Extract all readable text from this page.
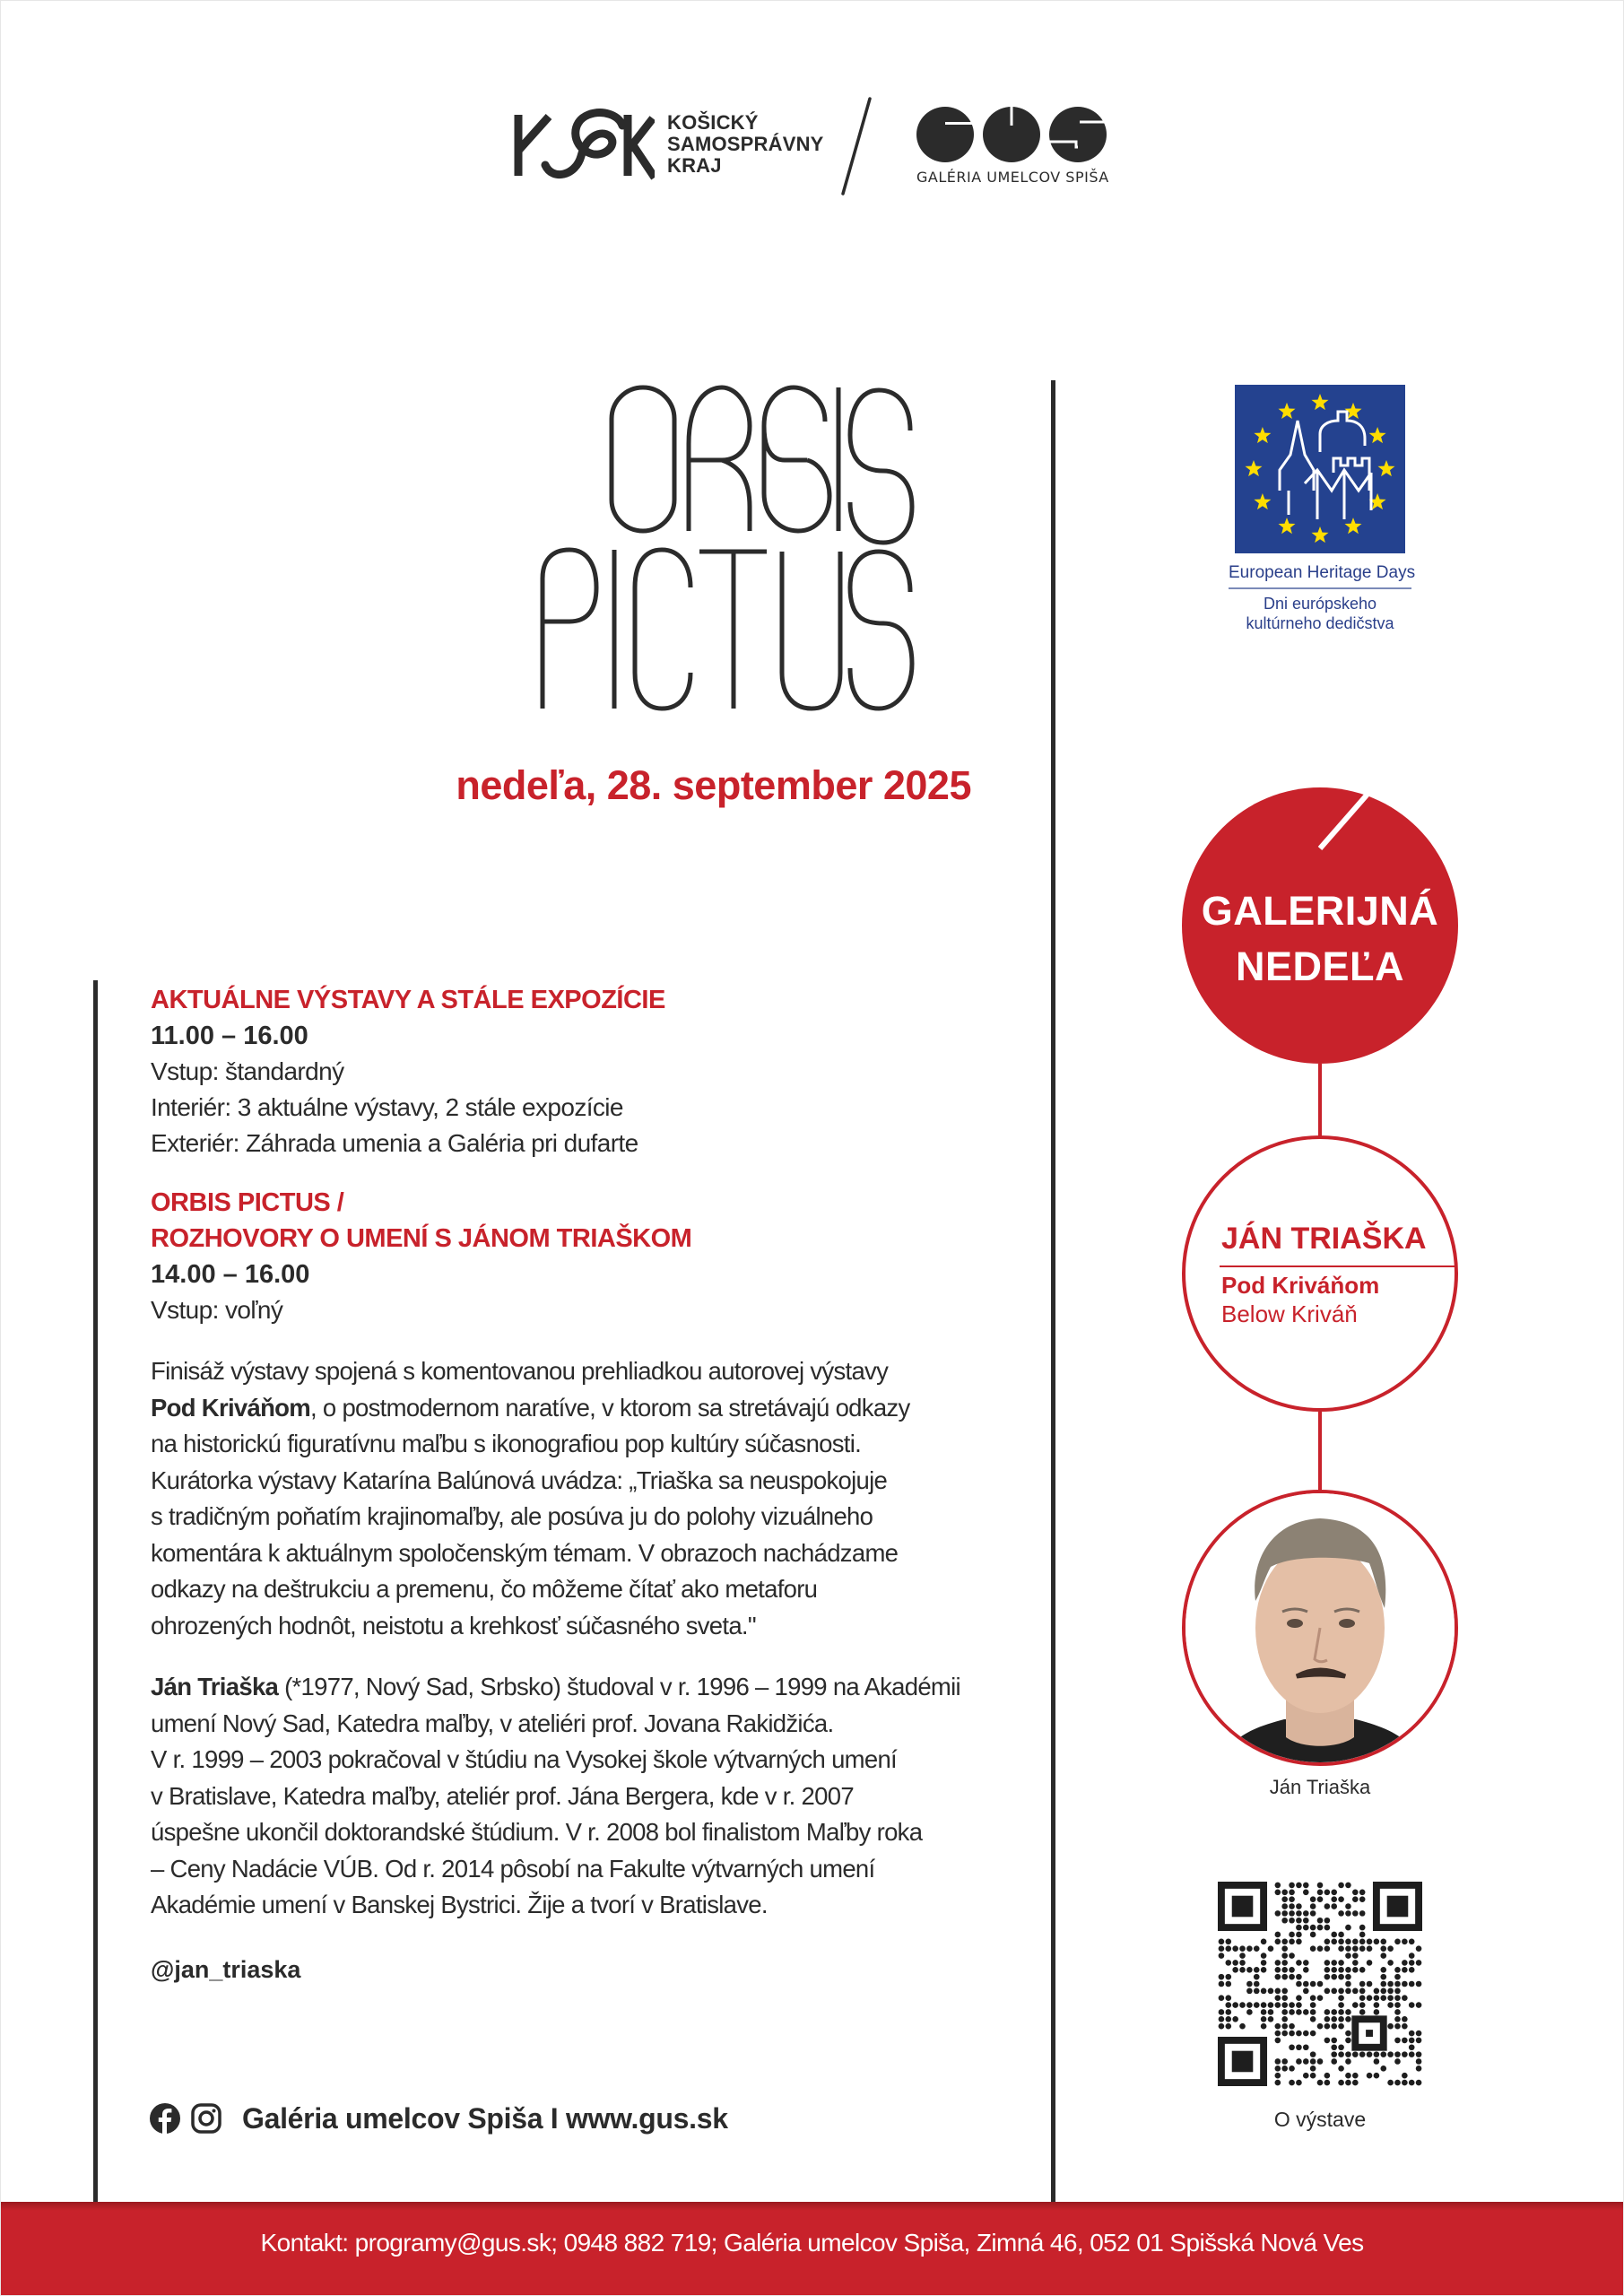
KOŠICKÝ
SAMOSPRÁVNY
KRAJ
GALÉRIA UMELCOV SPIŠA
nedeľa, 28. september 2025
European Heritage Days
Dni európskeho
kultúrneho dedičstva
AKTUÁLNE VÝSTAVY A STÁLE EXPOZÍCIE
11.00 – 16.00
Vstup: štandardný
Interiér: 3 aktuálne výstavy, 2 stále expozície
Exteriér: Záhrada umenia a Galéria pri dufarte
ORBIS PICTUS /
ROZHOVORY O UMENÍ S JÁNOM TRIAŠKOM
14.00 – 16.00
Vstup: voľný
Finisáž výstavy spojená s komentovanou prehliadkou autorovej výstavy
Pod Kriváňom, o postmodernom naratíve, v ktorom sa stretávajú odkazy
na historickú figuratívnu maľbu s ikonografiou pop kultúry súčasnosti.
Kurátorka výstavy Katarína Balúnová uvádza: „Triaška sa neuspokojuje
s tradičným poňatím krajinomaľby, ale posúva ju do polohy vizuálneho
komentára k aktuálnym spoločenským témam. V obrazoch nachádzame
odkazy na deštrukciu a premenu, čo môžeme čítať ako metaforu
ohrozených hodnôt, neistotu a krehkosť súčasného sveta."
Ján Triaška (*1977, Nový Sad, Srbsko) študoval v r. 1996 – 1999 na Akadémii
umení Nový Sad, Katedra maľby, v ateliéri prof. Jovana Rakidžića.
V r. 1999 – 2003 pokračoval v štúdiu na Vysokej škole výtvarných umení
v Bratislave, Katedra maľby, ateliér prof. Jána Bergera, kde v r. 2007
úspešne ukončil doktorandské štúdium. V r. 2008 bol finalistom Maľby roka
– Ceny Nadácie VÚB. Od r. 2014 pôsobí na Fakulte výtvarných umení
Akadémie umení v Banskej Bystrici. Žije a tvorí v Bratislave.
@jan_triaska
Galéria umelcov Spiša I www.gus.sk
GALERIJNÁ
NEDEĽA
JÁN TRIAŠKA
Pod Kriváňom
Below Kriváň
Ján Triaška
O výstave
Kontakt: programy@gus.sk; 0948 882 719; Galéria umelcov Spiša, Zimná 46, 052 01 Spišská Nová Ves
